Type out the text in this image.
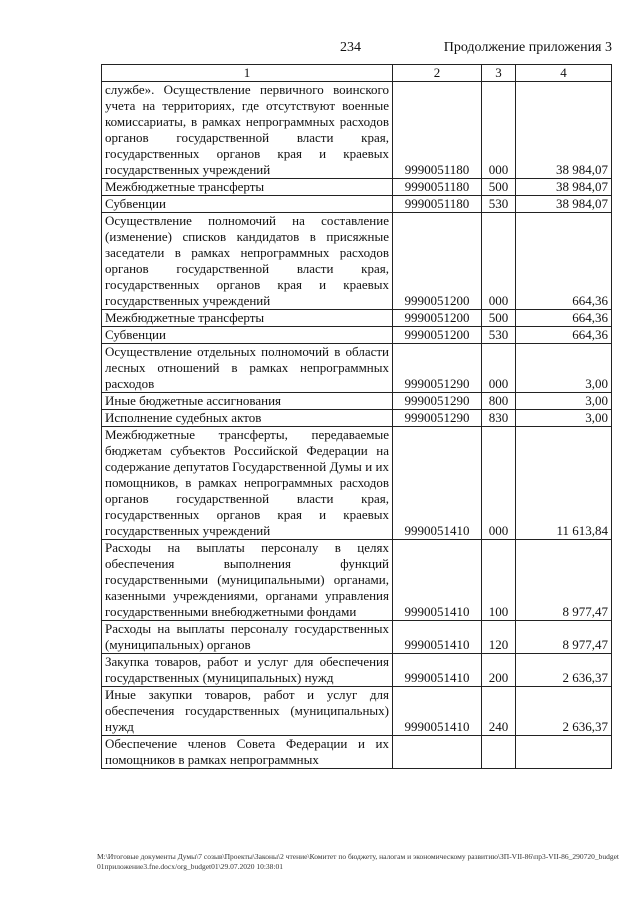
234	Продолжение приложения 3
1	2	3	4
службе». Осуществление первичного воинского учета на территориях, где отсутствуют военные комиссариаты, в рамках непрограммных расходов органов государственной власти края, государственных органов края и краевых государственных учреждений	9990051180	000	38 984,07
Межбюджетные трансферты	9990051180	500	38 984,07
Субвенции	9990051180	530	38 984,07
Осуществление полномочий на составление (изменение) списков кандидатов в присяжные заседатели в рамках непрограммных расходов органов государственной власти края, государственных органов края и краевых государственных учреждений	9990051200	000	664,36
Межбюджетные трансферты	9990051200	500	664,36
Субвенции	9990051200	530	664,36
Осуществление отдельных полномочий в области лесных отношений в рамках непрограммных расходов	9990051290	000	3,00
Иные бюджетные ассигнования	9990051290	800	3,00
Исполнение судебных актов	9990051290	830	3,00
Межбюджетные трансферты, передаваемые бюджетам субъектов Российской Федерации на содержание депутатов Государственной Думы и их помощников, в рамках непрограммных расходов органов государственной власти края, государственных органов края и краевых государственных учреждений	9990051410	000	11 613,84
Расходы на выплаты персоналу в целях обеспечения выполнения функций государственными (муниципальными) органами, казенными учреждениями, органами управления государственными внебюджетными фондами	9990051410	100	8 977,47
Расходы на выплаты персоналу государственных (муниципальных) органов	9990051410	120	8 977,47
Закупка товаров, работ и услуг для обеспечения государственных (муниципальных) нужд	9990051410	200	2 636,37
Иные закупки товаров, работ и услуг для обеспечения государственных (муниципальных) нужд	9990051410	240	2 636,37
Обеспечение членов Совета Федерации и их помощников в рамках непрограммных			
M:\Итоговые документы Думы\7 созыв\Проекты\Законы\2 чтение\Комитет по бюджету, налогам и экономическому развитию\ЗП-VII-86\пр3-VII-86_290720_budget01приложение3.fne.docx/org_budget01\29.07.2020 10:38:01
